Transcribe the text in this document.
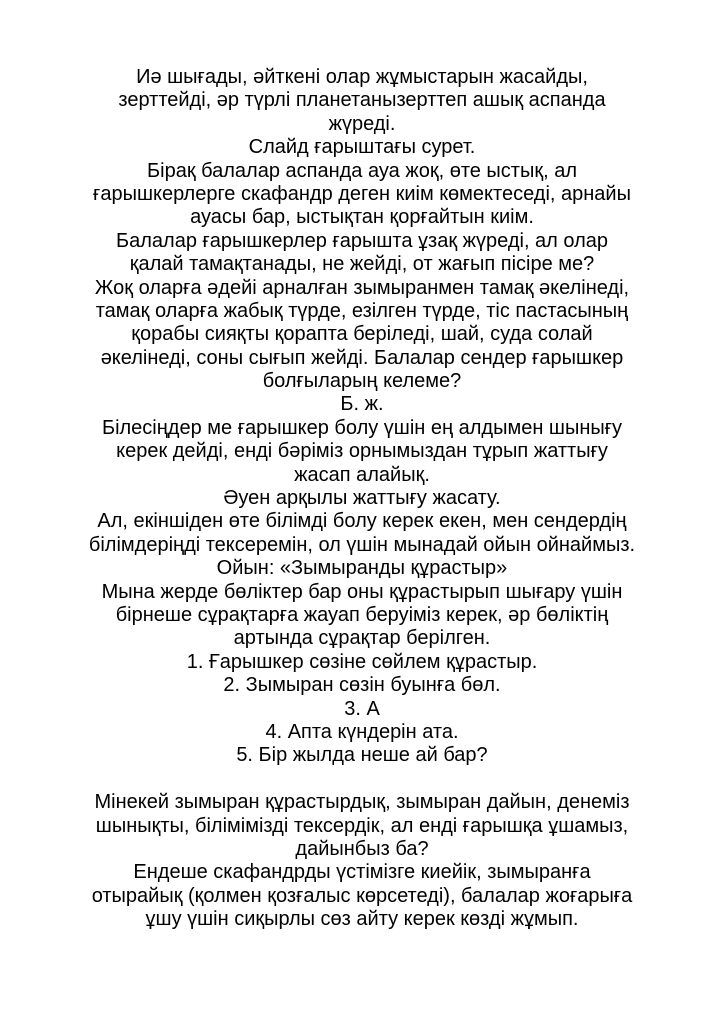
Иә шығады, әйткені олар жұмыстарын жасайды,
зерттейді, әр түрлі планетанызерттеп ашық аспанда
жүреді.
Слайд ғарыштағы сурет.
Бірақ балалар аспанда ауа жоқ, өте ыстық, ал
ғарышкерлерге скафандр деген киім көмектеседі, арнайы
ауасы бар, ыстықтан қорғайтын киім.
Балалар ғарышкерлер ғарышта ұзақ жүреді, ал олар
қалай тамақтанады, не жейді, от жағып пісіре ме?
Жоқ оларға әдейі арналған зымыранмен тамақ әкелінеді,
тамақ оларға жабық түрде, езілген түрде, тіс пастасының
қорабы сияқты қорапта беріледі, шай, суда солай
әкелінеді, соны сығып жейді. Балалар сендер ғарышкер
болғыларың келеме?
Б. ж.
Білесіңдер ме ғарышкер болу үшін ең алдымен шынығу
керек дейді, енді бәріміз орнымыздан тұрып жаттығу
жасап алайық.
Әуен арқылы жаттығу жасату.
Ал, екіншіден өте білімді болу керек екен, мен сендердің
білімдеріңді тексеремін, ол үшін мынадай ойын ойнаймыз.
Ойын: «Зымыранды құрастыр»
Мына жерде бөліктер бар оны құрастырып шығару үшін
бірнеше сұрақтарға жауап беруіміз керек, әр бөліктің
артында сұрақтар берілген.
1. Ғарышкер сөзіне сөйлем құрастыр.
2. Зымыран сөзін буынға бөл.
3. А
4. Апта күндерін ата.
5. Бір жылда неше ай бар?
Мінекей зымыран құрастырдық, зымыран дайын, денеміз
шынықты, білімімізді тексердік, ал енді ғарышқа ұшамыз,
дайынбыз ба?
Ендеше скафандрды үстімізге киейік, зымыранға
отырайық (қолмен қозғалыс көрсетеді), балалар жоғарыға
ұшу үшін сиқырлы сөз айту керек көзді жұмып.
